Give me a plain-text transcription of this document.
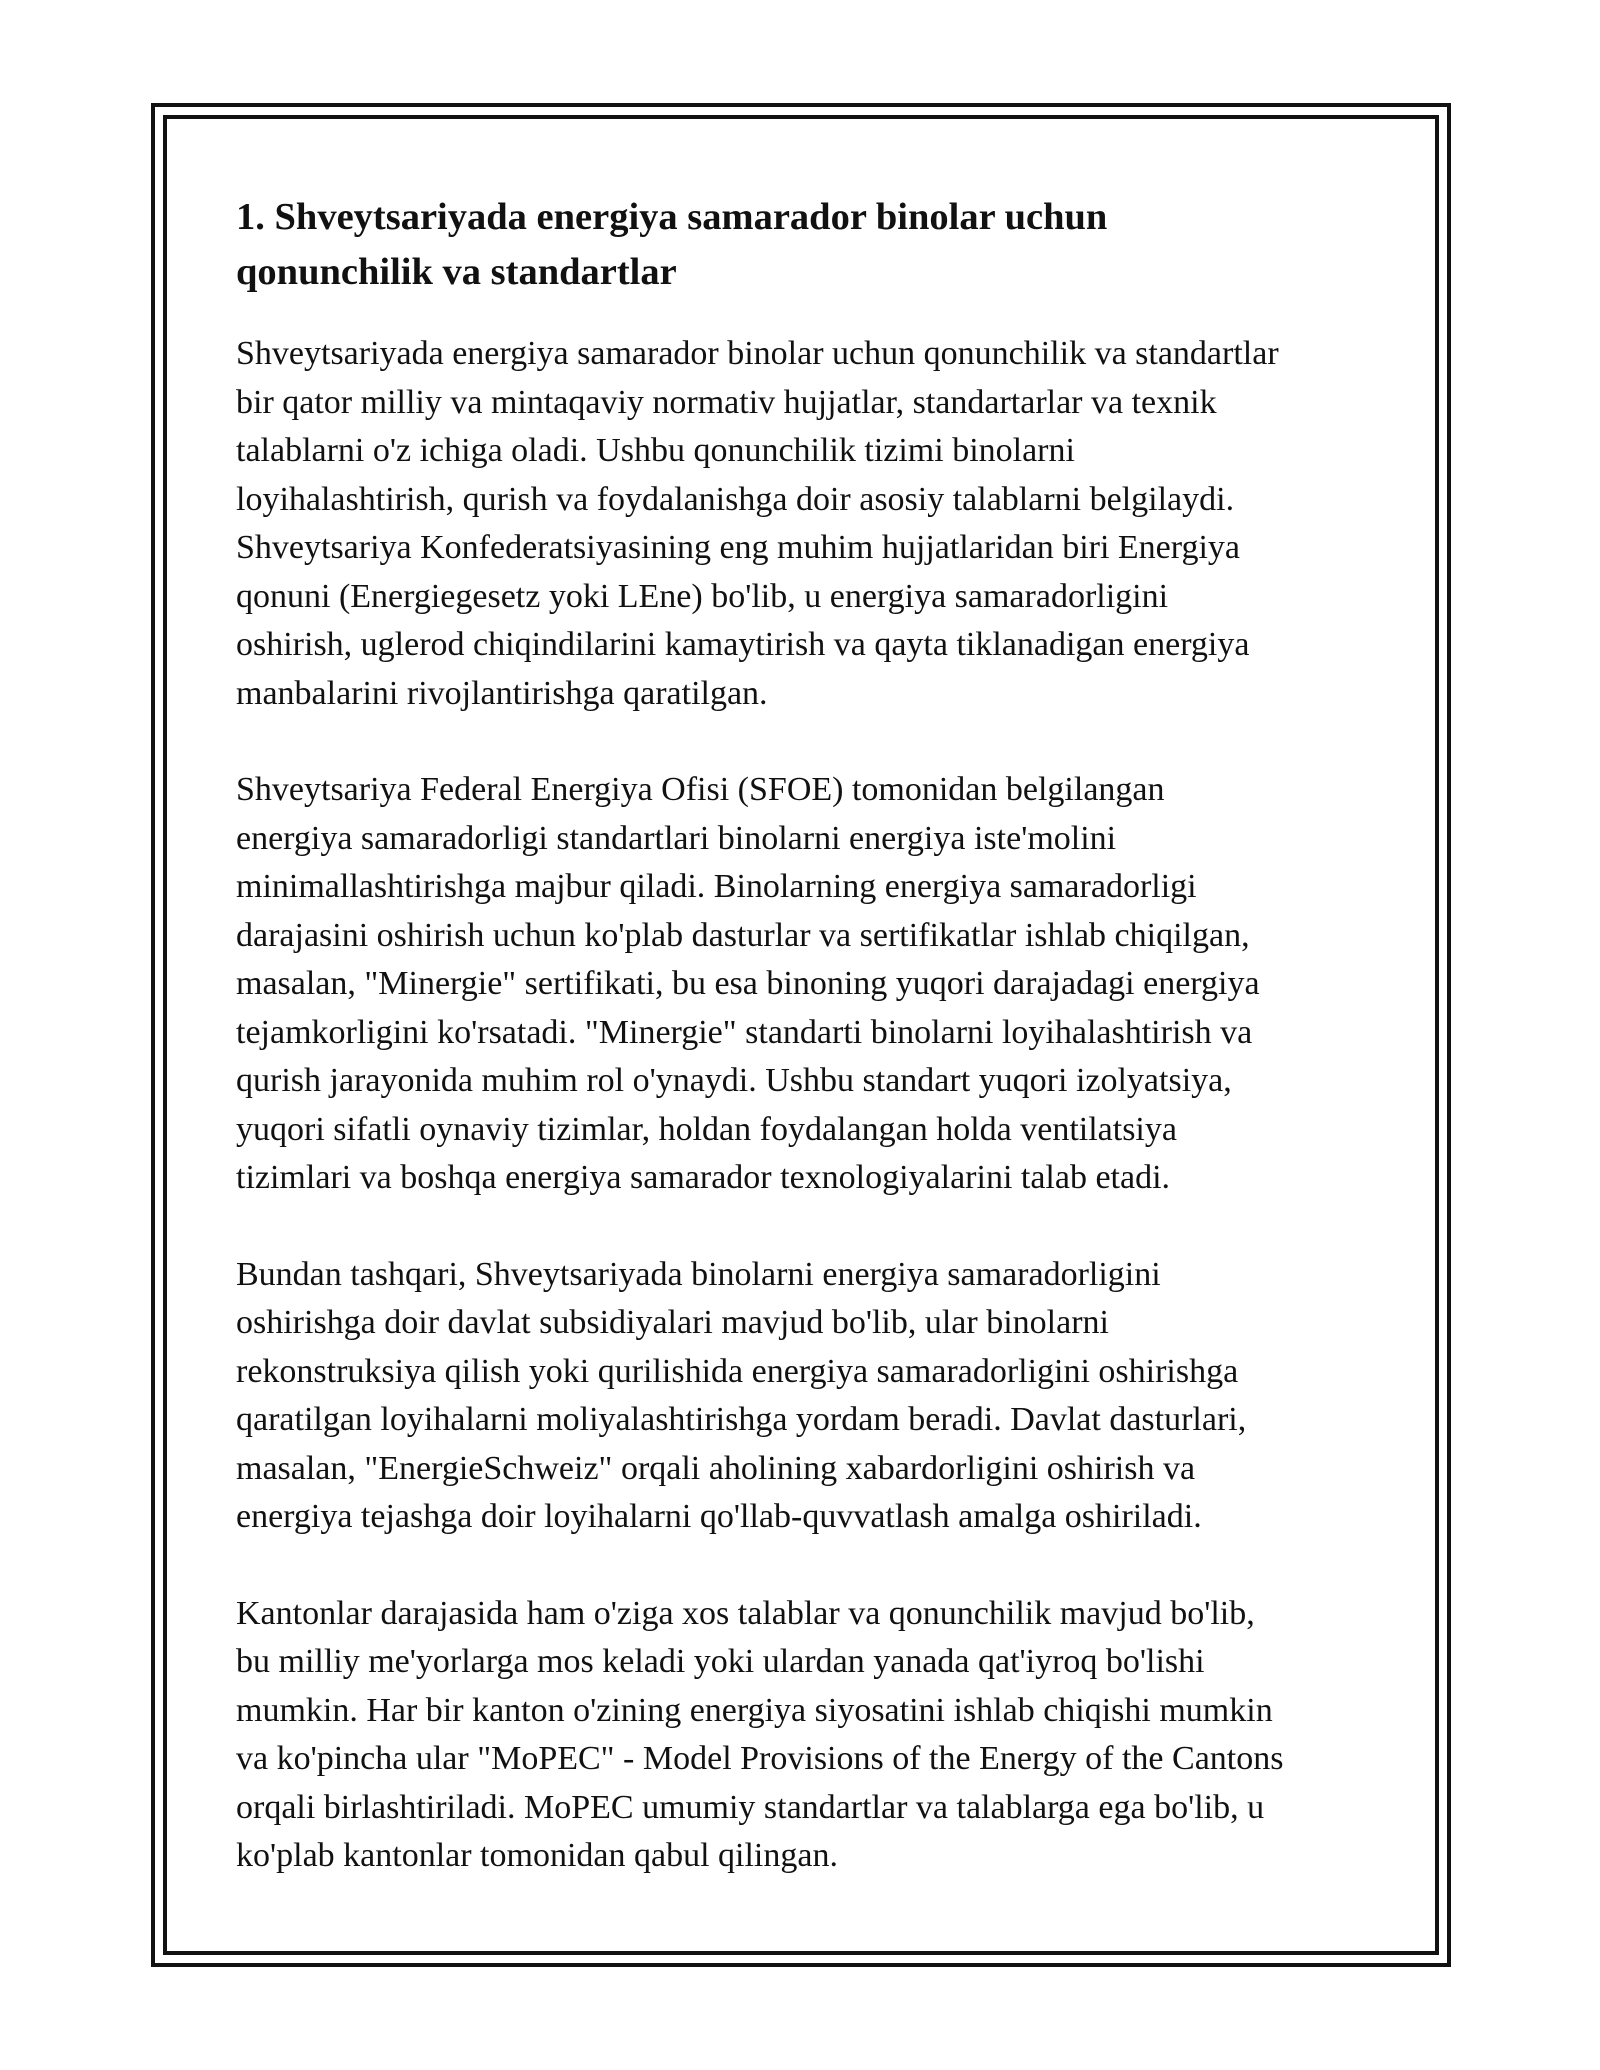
1. Shveytsariyada energiya samarador binolar uchun
qonunchilik va standartlar

Shveytsariyada energiya samarador binolar uchun qonunchilik va standartlar
bir qator milliy va mintaqaviy normativ hujjatlar, standartarlar va texnik
talablarni o'z ichiga oladi. Ushbu qonunchilik tizimi binolarni
loyihalashtirish, qurish va foydalanishga doir asosiy talablarni belgilaydi.
Shveytsariya Konfederatsiyasining eng muhim hujjatlaridan biri Energiya
qonuni (Energiegesetz yoki LEne) bo'lib, u energiya samaradorligini
oshirish, uglerod chiqindilarini kamaytirish va qayta tiklanadigan energiya
manbalarini rivojlantirishga qaratilgan.

Shveytsariya Federal Energiya Ofisi (SFOE) tomonidan belgilangan
energiya samaradorligi standartlari binolarni energiya iste'molini
minimallashtirishga majbur qiladi. Binolarning energiya samaradorligi
darajasini oshirish uchun ko'plab dasturlar va sertifikatlar ishlab chiqilgan,
masalan, "Minergie" sertifikati, bu esa binoning yuqori darajadagi energiya
tejamkorligini ko'rsatadi. "Minergie" standarti binolarni loyihalashtirish va
qurish jarayonida muhim rol o'ynaydi. Ushbu standart yuqori izolyatsiya,
yuqori sifatli oynaviy tizimlar, holdan foydalangan holda ventilatsiya
tizimlari va boshqa energiya samarador texnologiyalarini talab etadi.

Bundan tashqari, Shveytsariyada binolarni energiya samaradorligini
oshirishga doir davlat subsidiyalari mavjud bo'lib, ular binolarni
rekonstruksiya qilish yoki qurilishida energiya samaradorligini oshirishga
qaratilgan loyihalarni moliyalashtirishga yordam beradi. Davlat dasturlari,
masalan, "EnergieSchweiz" orqali aholining xabardorligini oshirish va
energiya tejashga doir loyihalarni qo'llab-quvvatlash amalga oshiriladi.

Kantonlar darajasida ham o'ziga xos talablar va qonunchilik mavjud bo'lib,
bu milliy me'yorlarga mos keladi yoki ulardan yanada qat'iyroq bo'lishi
mumkin. Har bir kanton o'zining energiya siyosatini ishlab chiqishi mumkin
va ko'pincha ular "MoPEC" - Model Provisions of the Energy of the Cantons
orqali birlashtiriladi. MoPEC umumiy standartlar va talablarga ega bo'lib, u
ko'plab kantonlar tomonidan qabul qilingan.
